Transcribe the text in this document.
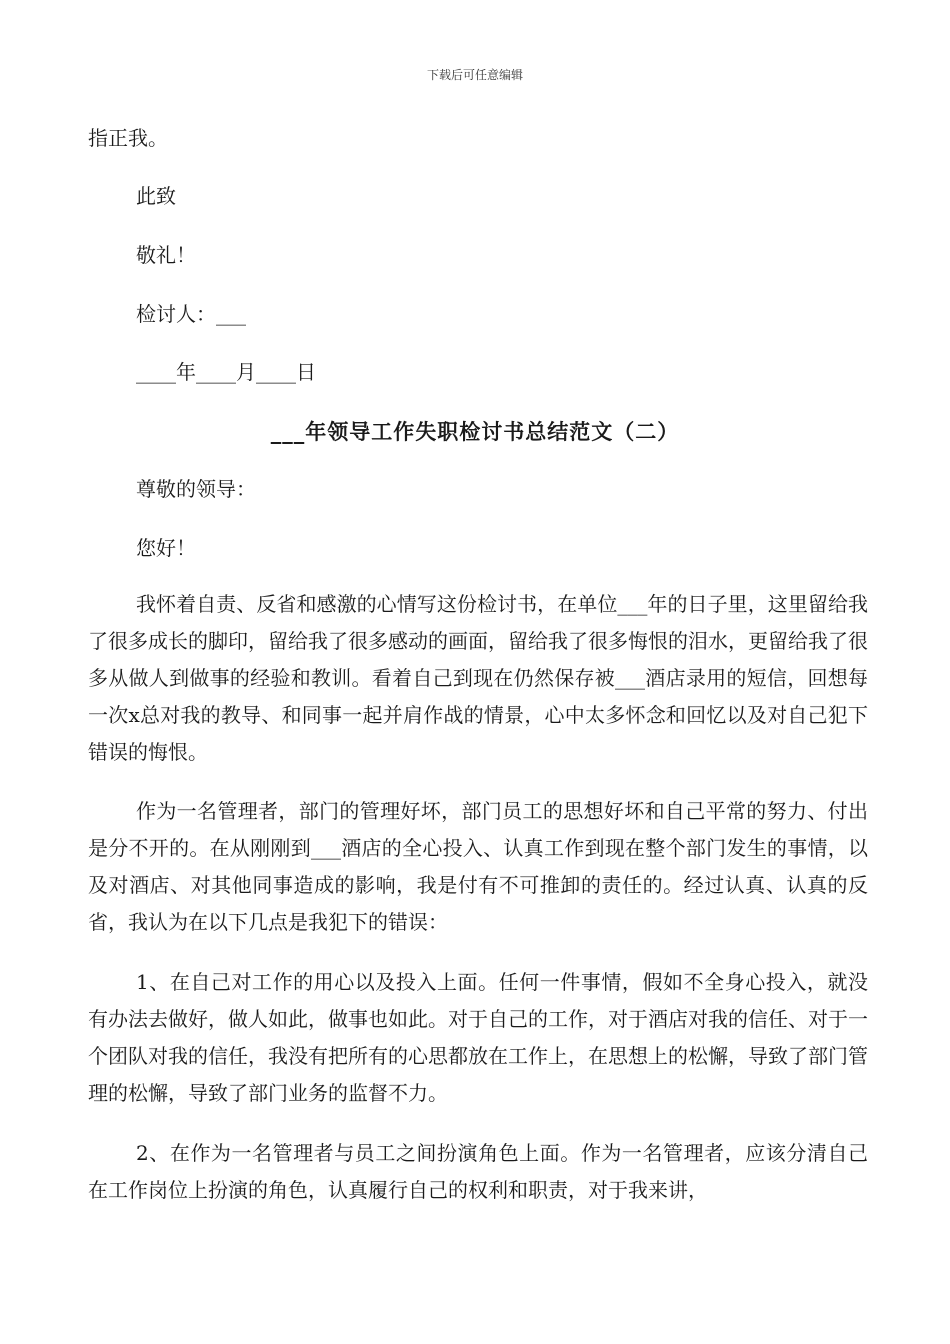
下载后可任意编辑
指正我。
此致
敬礼！
检讨人：___
____年____月____日
___年领导工作失职检讨书总结范文（二）
尊敬的领导：
您好！
我怀着自责、反省和感激的心情写这份检讨书，在单位___年的日子里，这里留给我了很多成长的脚印，留给我了很多感动的画面，留给我了很多悔恨的泪水，更留给我了很多从做人到做事的经验和教训。看着自己到现在仍然保存被___酒店录用的短信，回想每一次x总对我的教导、和同事一起并肩作战的情景，心中太多怀念和回忆以及对自己犯下错误的悔恨。
作为一名管理者，部门的管理好坏，部门员工的思想好坏和自己平常的努力、付出是分不开的。在从刚刚到___酒店的全心投入、认真工作到现在整个部门发生的事情，以及对酒店、对其他同事造成的影响，我是付有不可推卸的责任的。经过认真、认真的反省，我认为在以下几点是我犯下的错误：
1、在自己对工作的用心以及投入上面。任何一件事情，假如不全身心投入，就没有办法去做好，做人如此，做事也如此。对于自己的工作，对于酒店对我的信任、对于一个团队对我的信任，我没有把所有的心思都放在工作上，在思想上的松懈，导致了部门管理的松懈，导致了部门业务的监督不力。
2、在作为一名管理者与员工之间扮演角色上面。作为一名管理者，应该分清自己在工作岗位上扮演的角色，认真履行自己的权利和职责，对于我来讲，
